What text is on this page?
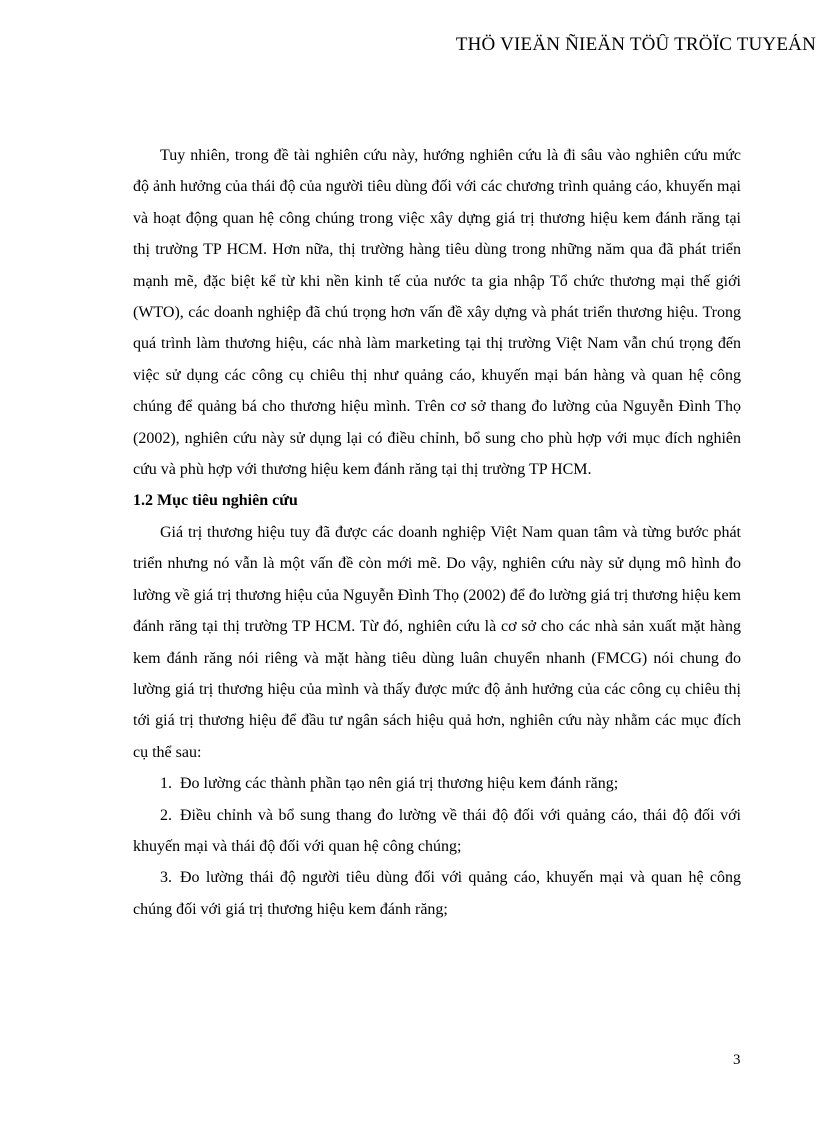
THÖ VIEÄN ÑIEÄN TÖÛ TRÖÏC TUYEÁN

Tuy nhiên, trong đề tài nghiên cứu này, hướng nghiên cứu là đi sâu vào nghiên cứu mức độ ảnh hưởng của thái độ của người tiêu dùng đối với các chương trình quảng cáo, khuyến mại và hoạt động quan hệ công chúng trong việc xây dựng giá trị thương hiệu kem đánh răng tại thị trường TP HCM. Hơn nữa, thị trường hàng tiêu dùng trong những năm qua đã phát triển mạnh mẽ, đặc biệt kể từ khi nền kinh tế của nước ta gia nhập Tổ chức thương mại thế giới (WTO), các doanh nghiệp đã chú trọng hơn vấn đề xây dựng và phát triển thương hiệu. Trong quá trình làm thương hiệu, các nhà làm marketing tại thị trường Việt Nam vẫn chú trọng đến việc sử dụng các công cụ chiêu thị như quảng cáo, khuyến mại bán hàng và quan hệ công chúng để quảng bá cho thương hiệu mình. Trên cơ sở thang đo lường của Nguyễn Đình Thọ (2002), nghiên cứu này sử dụng lại có điều chỉnh, bổ sung cho phù hợp với mục đích nghiên cứu và phù hợp với thương hiệu kem đánh răng tại thị trường TP HCM.

1.2 Mục tiêu nghiên cứu

Giá trị thương hiệu tuy đã được các doanh nghiệp Việt Nam quan tâm và từng bước phát triển nhưng nó vẫn là một vấn đề còn mới mẽ. Do vậy, nghiên cứu này sử dụng mô hình đo lường về giá trị thương hiệu của Nguyễn Đình Thọ (2002) để đo lường giá trị thương hiệu kem đánh răng tại thị trường TP HCM. Từ đó, nghiên cứu là cơ sở cho các nhà sản xuất mặt hàng kem đánh răng nói riêng và mặt hàng tiêu dùng luân chuyển nhanh (FMCG) nói chung đo lường giá trị thương hiệu của mình và thấy được mức độ ảnh hưởng của các công cụ chiêu thị tới giá trị thương hiệu để đầu tư ngân sách hiệu quả hơn, nghiên cứu này nhằm các mục đích cụ thể sau:

1. Đo lường các thành phần tạo nên giá trị thương hiệu kem đánh răng;

2. Điều chỉnh và bổ sung thang đo lường về thái độ đối với quảng cáo, thái độ đối với khuyến mại và thái độ đối với quan hệ công chúng;

3. Đo lường thái độ người tiêu dùng đối với quảng cáo, khuyến mại và quan hệ công chúng đối với giá trị thương hiệu kem đánh răng;

3
